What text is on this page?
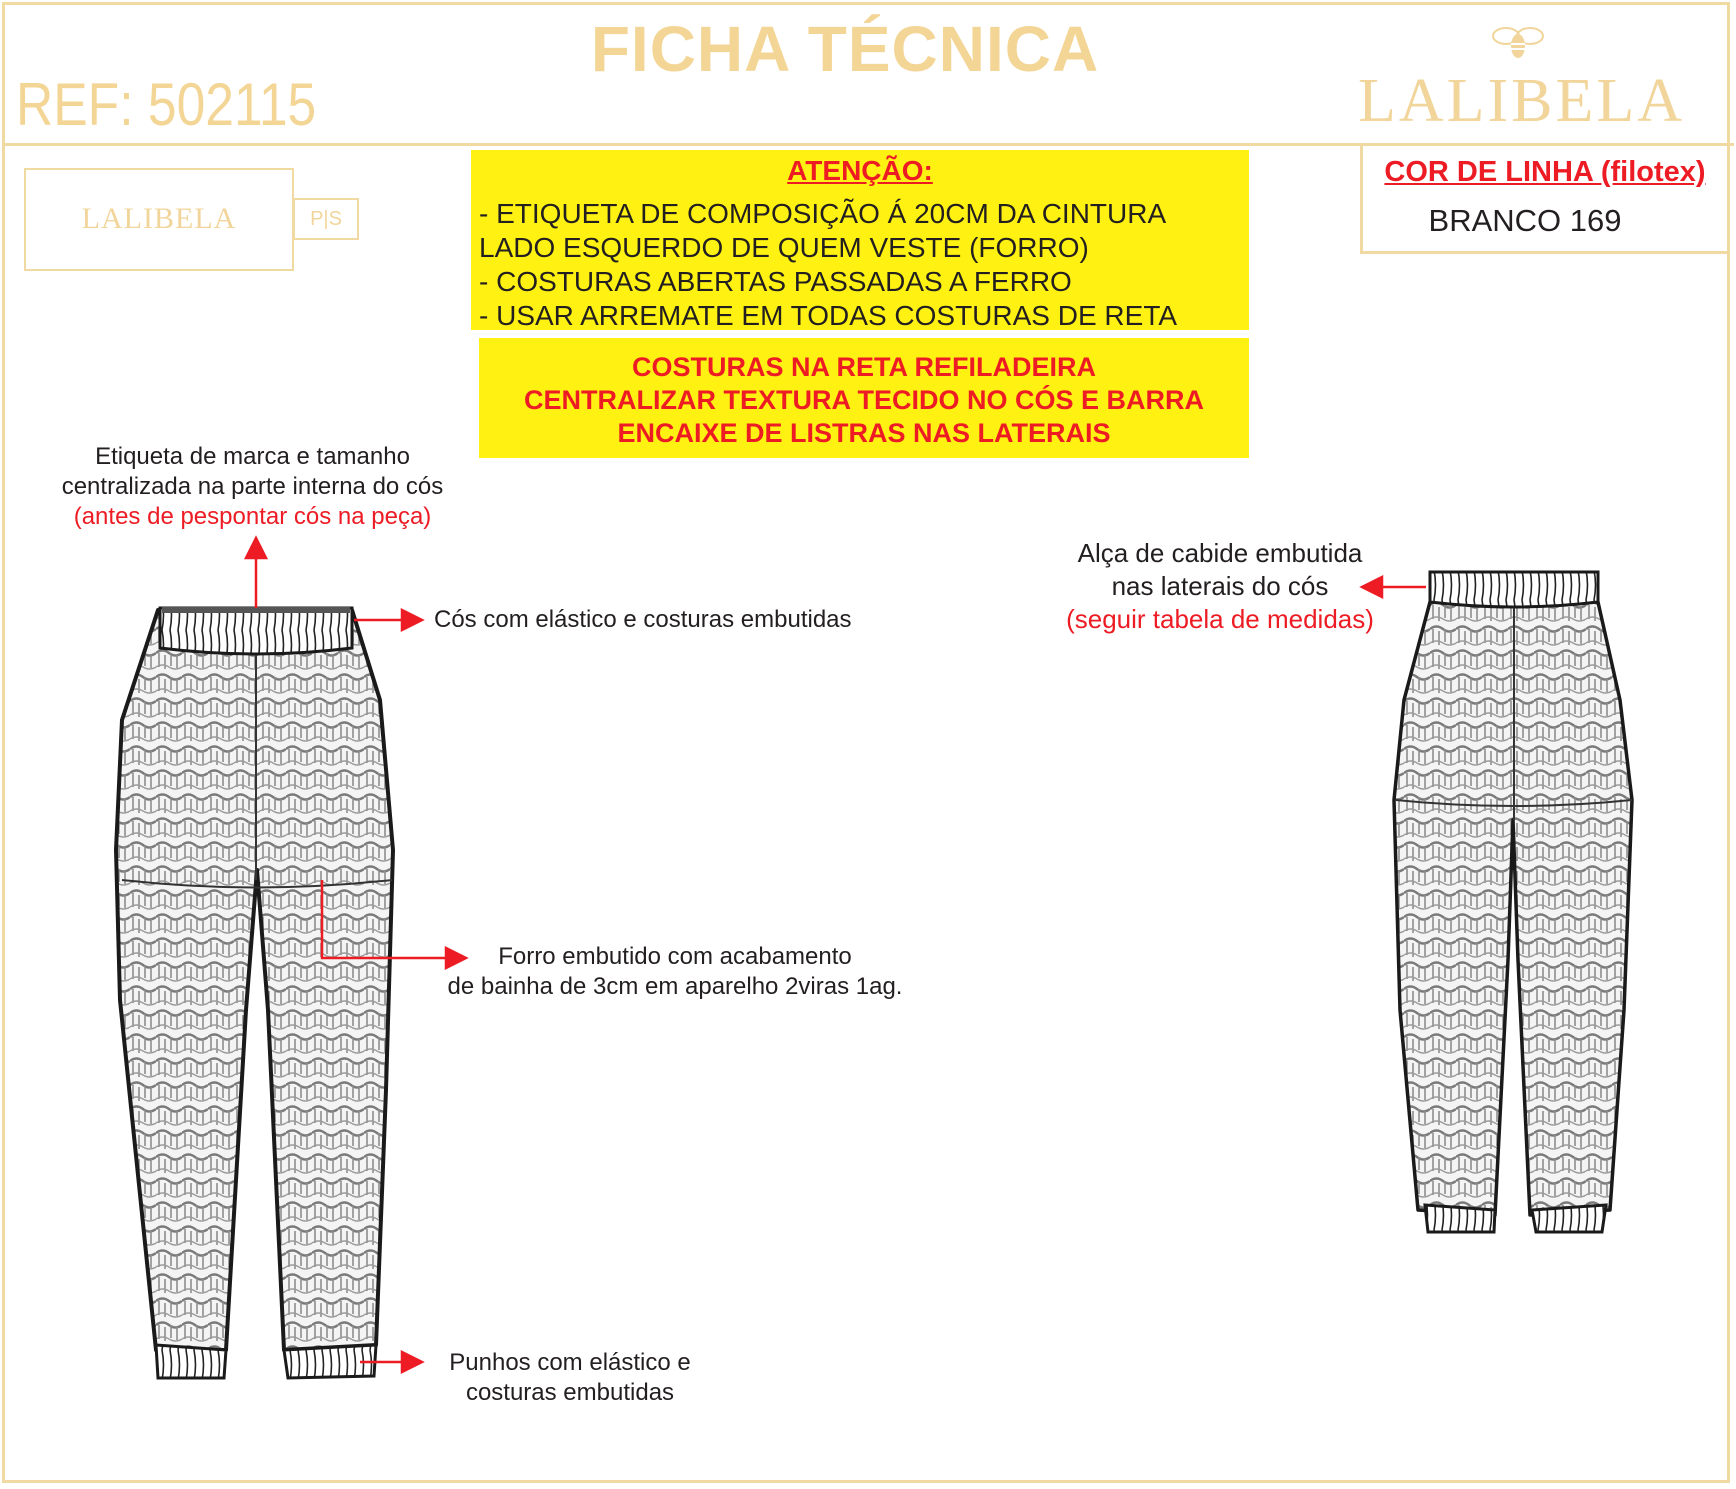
FICHA TÉCNICA
REF: 502115	LALIBELA
LALIBELA	P|S
COR DE LINHA (filotex)
BRANCO 169
ATENÇÃO:
- ETIQUETA DE COMPOSIÇÃO Á 20CM DA CINTURA
LADO ESQUERDO DE QUEM VESTE (FORRO)
- COSTURAS ABERTAS PASSADAS A FERRO
- USAR ARREMATE EM TODAS COSTURAS DE RETA
COSTURAS NA RETA REFILADEIRA
CENTRALIZAR TEXTURA TECIDO NO CÓS E BARRA
ENCAIXE DE LISTRAS NAS LATERAIS
Etiqueta de marca e tamanho
centralizada na parte interna do cós
(antes de pespontar cós na peça)
Cós com elástico e costuras embutidas
Forro embutido com acabamento
de bainha de 3cm em aparelho 2viras 1ag.
Punhos com elástico e
costuras embutidas
Alça de cabide embutida
nas laterais do cós
(seguir tabela de medidas)
